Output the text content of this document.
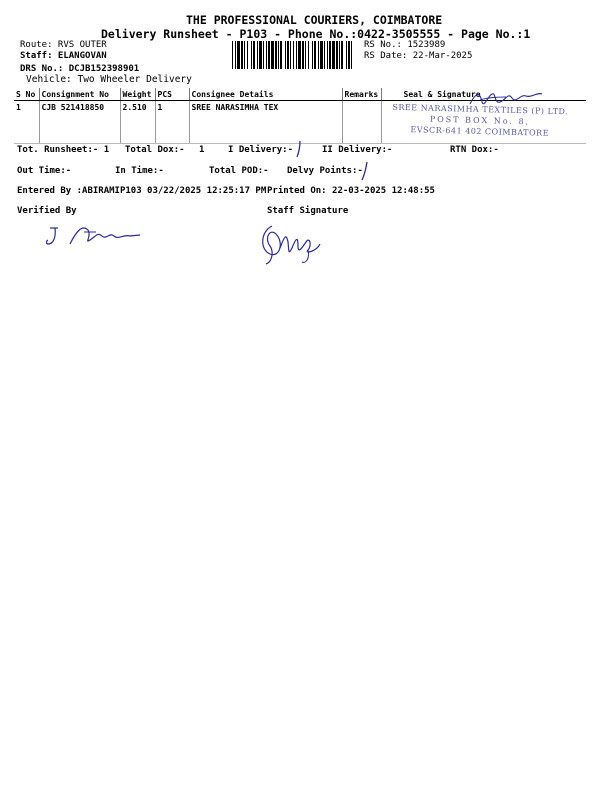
THE PROFESSIONAL COURIERS, COIMBATORE
Delivery Runsheet - P103 - Phone No.:0422-3505555 - Page No.:1
Route: RVS OUTER
Staff: ELANGOVAN
DRS No.: DCJB152398901
Vehicle: Two Wheeler Delivery
RS No.: 1523989
RS Date: 22-Mar-2025
S No	Consignment No	Weight	PCS	Consignee Details	Remarks	Seal & Signature
1	CJB 521418850	2.510	1	SREE NARASIMHA TEX			SREE NARASIMHA TEXTILES (P) LTD.
POST BOX No. 8,
EVSCR-641 402 COIMBATORE
Tot. Runsheet:- 1 Total Dox:- 1	I Delivery:-	II Delivery:-	RTN Dox:-
Out Time:-	In Time:-	Total POD:- Delvy Points:-
Entered By :ABIRAMIP103 03/22/2025 12:25:17 PM Printed On: 22-03-2025 12:48:55
Verified By	Staff Signature
